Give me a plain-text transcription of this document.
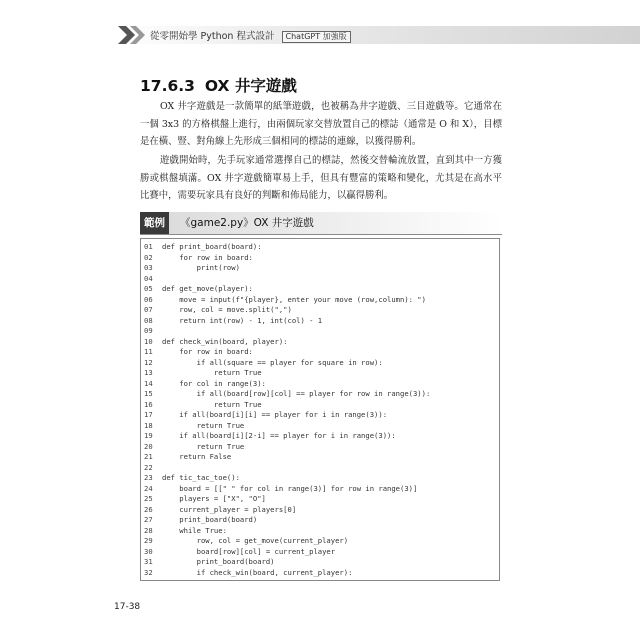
從零開始學 Python 程式設計 ChatGPT 加強版
17.6.3 OX 井字遊戲

OX 井字遊戲是一款簡單的紙筆遊戲，也被稱為井字遊戲、三目遊戲等。它通常在一個 3x3 的方格棋盤上進行，由兩個玩家交替放置自己的標誌（通常是 O 和 X），目標是在橫、豎、對角線上先形成三個相同的標誌的連線，以獲得勝利。

遊戲開始時，先手玩家通常選擇自己的標誌，然後交替輪流放置，直到其中一方獲勝或棋盤填滿。OX 井字遊戲簡單易上手，但具有豐富的策略和變化，尤其是在高水平比賽中，需要玩家具有良好的判斷和佈局能力，以贏得勝利。

範例	《game2.py》OX 井字遊戲
01 def print_board(board):
02    for row in board:
03        print(row)
04
05 def get_move(player):
06    move = input(f"{player}, enter your move (row,column): ")
07    row, col = move.split(",")
08    return int(row) - 1, int(col) - 1
09
10 def check_win(board, player):
11    for row in board:
12        if all(square == player for square in row):
13            return True
14    for col in range(3):
15        if all(board[row][col] == player for row in range(3)):
16            return True
17    if all(board[i][i] == player for i in range(3)):
18        return True
19    if all(board[i][2-i] == player for i in range(3)):
20        return True
21    return False
22
23 def tic_tac_toe():
24    board = [[" " for col in range(3)] for row in range(3)]
25    players = ["X", "O"]
26    current_player = players[0]
27    print_board(board)
28    while True:
29        row, col = get_move(current_player)
30        board[row][col] = current_player
31        print_board(board)
32        if check_win(board, current_player):
17-38
